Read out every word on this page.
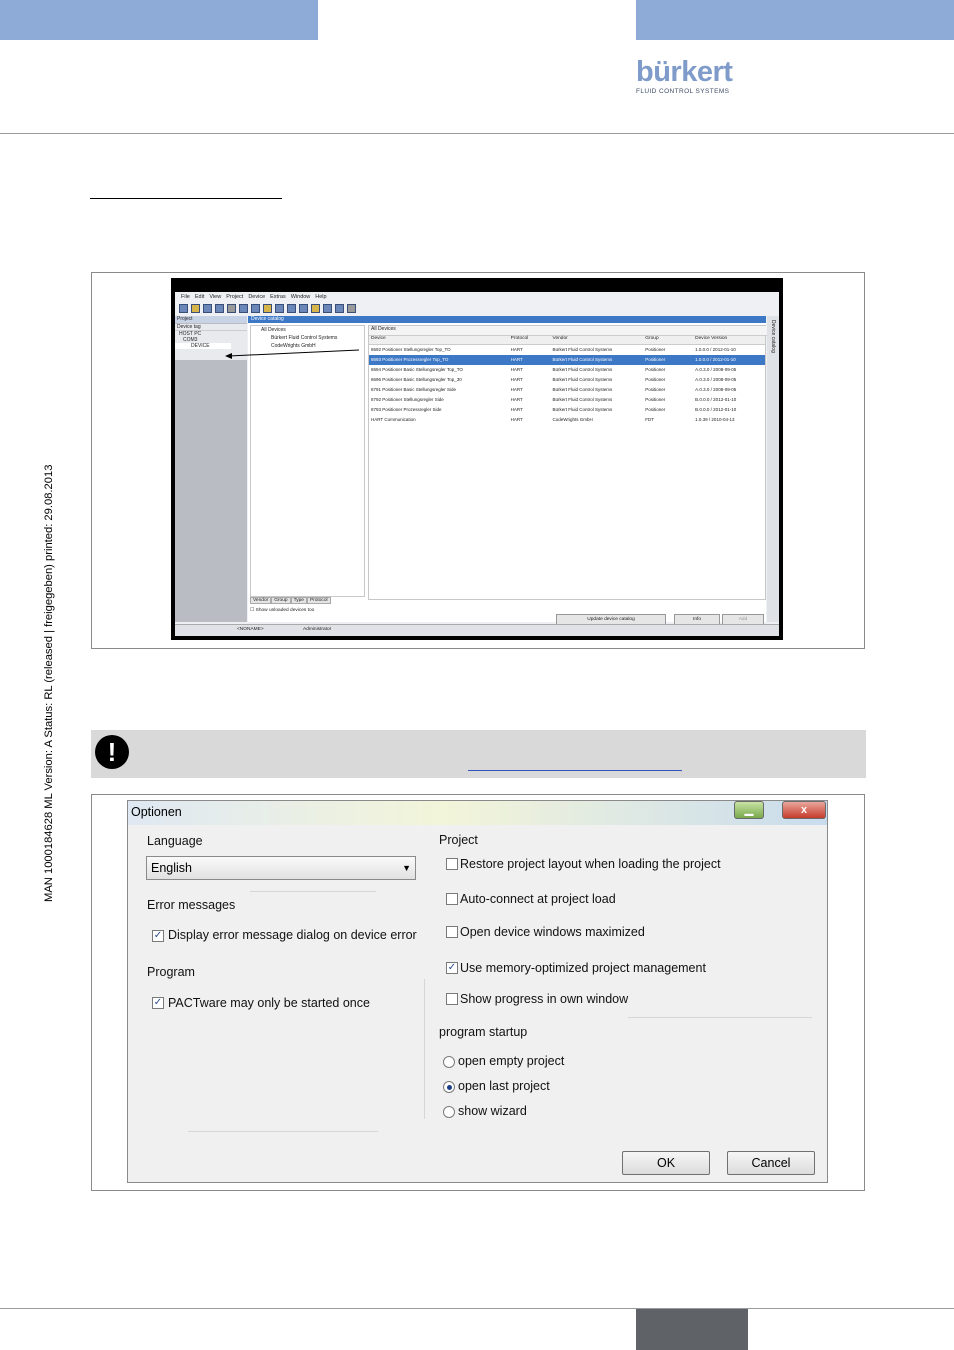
bürkert
FLUID CONTROL SYSTEMS
MAN 1000184628 ML Version: A Status: RL (released | freigegeben) printed: 29.08.2013
File Edit View Project Device Extras Window Help
Project
Device tag
HOST PC
COM3
DEVICE
Device catalog
All Devices
Bürkert Fluid Control Systems
CodeWrights GmbH
Vendor	Group	Type	Protocol
☐ Show unloaded devices too
All Devices
Device	Protocol	Vendor	Group	Device Version
8692 Positioner Stellungsregler Top_TO	HART	Bürkert Fluid Control Systems	Positioner	1.0.0.0 / 2012-01-10
8693 Positioner Prozessregler Top_TO	HART	Bürkert Fluid Control Systems	Positioner	1.0.0.0 / 2012-01-10
8694 Positioner Basic Stellungsregler Top_TO	HART	Bürkert Fluid Control Systems	Positioner	A.0.3.0 / 2008-09-05
8696 Positioner Basic Stellungsregler Top_30	HART	Bürkert Fluid Control Systems	Positioner	A.0.3.0 / 2008-09-05
8791 Positioner Basic Stellungsregler Side	HART	Bürkert Fluid Control Systems	Positioner	A.0.3.0 / 2008-09-05
8792 Positioner Stellungsregler Side	HART	Bürkert Fluid Control Systems	Positioner	B.0.0.0 / 2012-01-10
8793 Positioner Prozessregler Side	HART	Bürkert Fluid Control Systems	Positioner	B.0.0.0 / 2012-01-10
HART Communication	HART	CodeWrights GmbH	FDT	1.0.39 / 2010-04-13
Update device catalog	Info	Add
Device catalog
<NONAME>	Administrator
!
Optionen	▁	x
Language
English	▼
Error messages
✓ Display error message dialog on device error
Program
✓ PACTware may only be started once
Project
Restore project layout when loading the project
Auto-connect at project load
Open device windows maximized
✓ Use memory-optimized project management
Show progress in own window
program startup
open empty project
open last project
show wizard
OK	Cancel
